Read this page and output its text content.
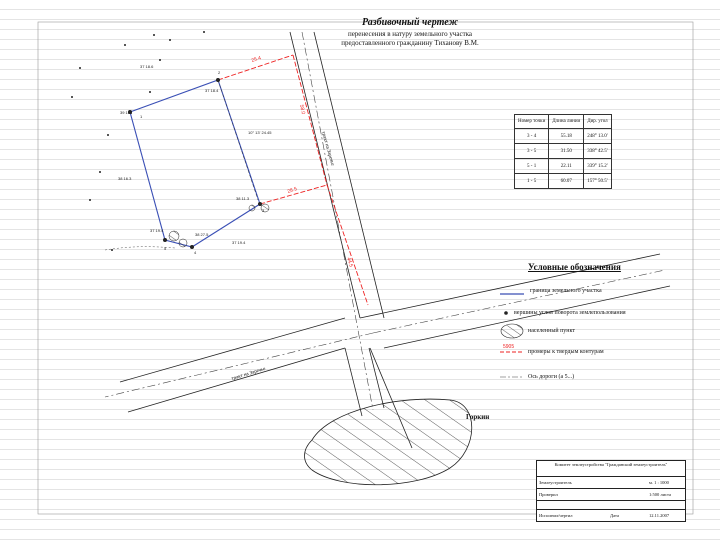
25.4
58.0
28.5
44.5
5905
тракт на Заречье
тракт на Заречье
10° 13' 24.45
39 163
1
37 18.4
2
38 11.3
3
38 27.5
4
37 19.4
5
37 18.6
38 16.3
37 19.4
Разбивочный чертеж
перенесения в натуру земельного участка
предоставленного гражданину Тиханову В.М.
Номер точки	Длина линии	Дир. угол
3 - 4	55.18	248° 13.0'
3 - 5	31.50	338° 42.5'
5 - 1	22.11	339° 15.2'
1 - 5	60.07	157° 50.5'
Условные обозначения
граница земельного участка
вершины углов поворота землепользования
населенный пункт
промеры к твердым контурам
Ось дороги (а 5...)
Горкин
Комитет землеустройства "Гражданский землеустроитель"
Землеустроитель	м. 1 : 1000
Проверил	1:500 листа
Исполнил/чертил	Дата	12.11.2007
